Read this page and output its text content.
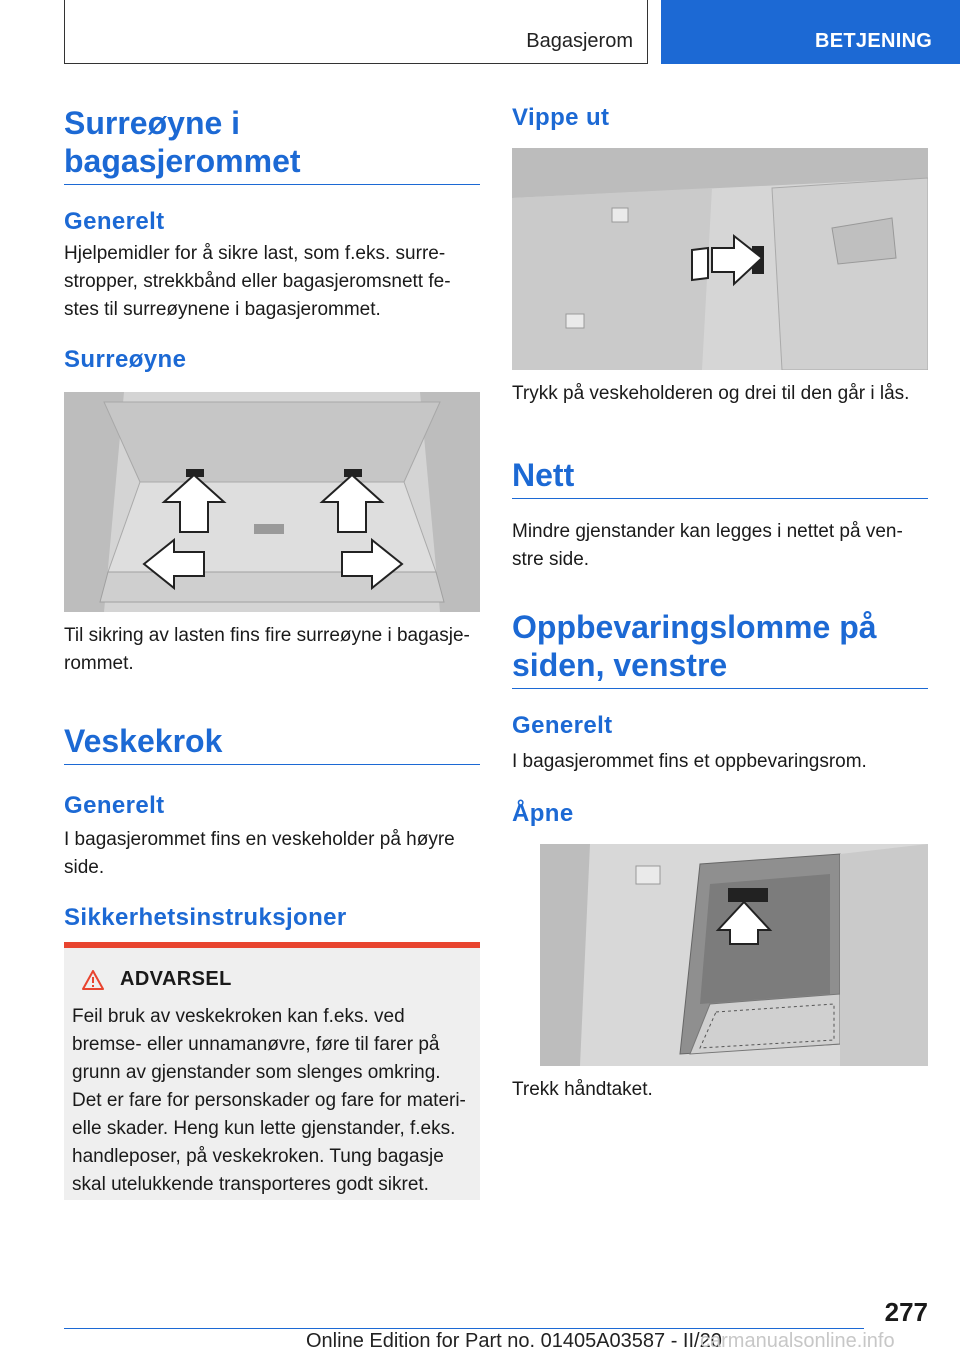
Bagasjerom	BETJENING
Surreøyne i
bagasjerommet
Generelt
Hjelpemidler for å sikre last, som f.eks. surre-stropper, strekkbånd eller bagasjeromsnett fe-stes til surreøynene i bagasjerommet.
Surreøyne
Til sikring av lasten fins fire surreøyne i bagasje-rommet.
Veskekrok
Generelt
I bagasjerommet fins en veskeholder på høyre side.
Sikkerhetsinstruksjoner
ADVARSEL
Feil bruk av veskekroken kan f.eks. ved bremse- eller unnamanøvre, føre til farer på grunn av gjenstander som slenges omkring. Det er fare for personskader og fare for materi-elle skader. Heng kun lette gjenstander, f.eks. handleposer, på veskekroken. Tung bagasje skal utelukkende transporteres godt sikret.
Vippe ut
Trykk på veskeholderen og drei til den går i lås.
Nett
Mindre gjenstander kan legges i nettet på ven-stre side.
Oppbevaringslomme på
siden, venstre
Generelt
I bagasjerommet fins et oppbevaringsrom.
Åpne
Trekk håndtaket.
277
Online Edition for Part no. 01405A03587 - II/20
carmanualsonline.info
